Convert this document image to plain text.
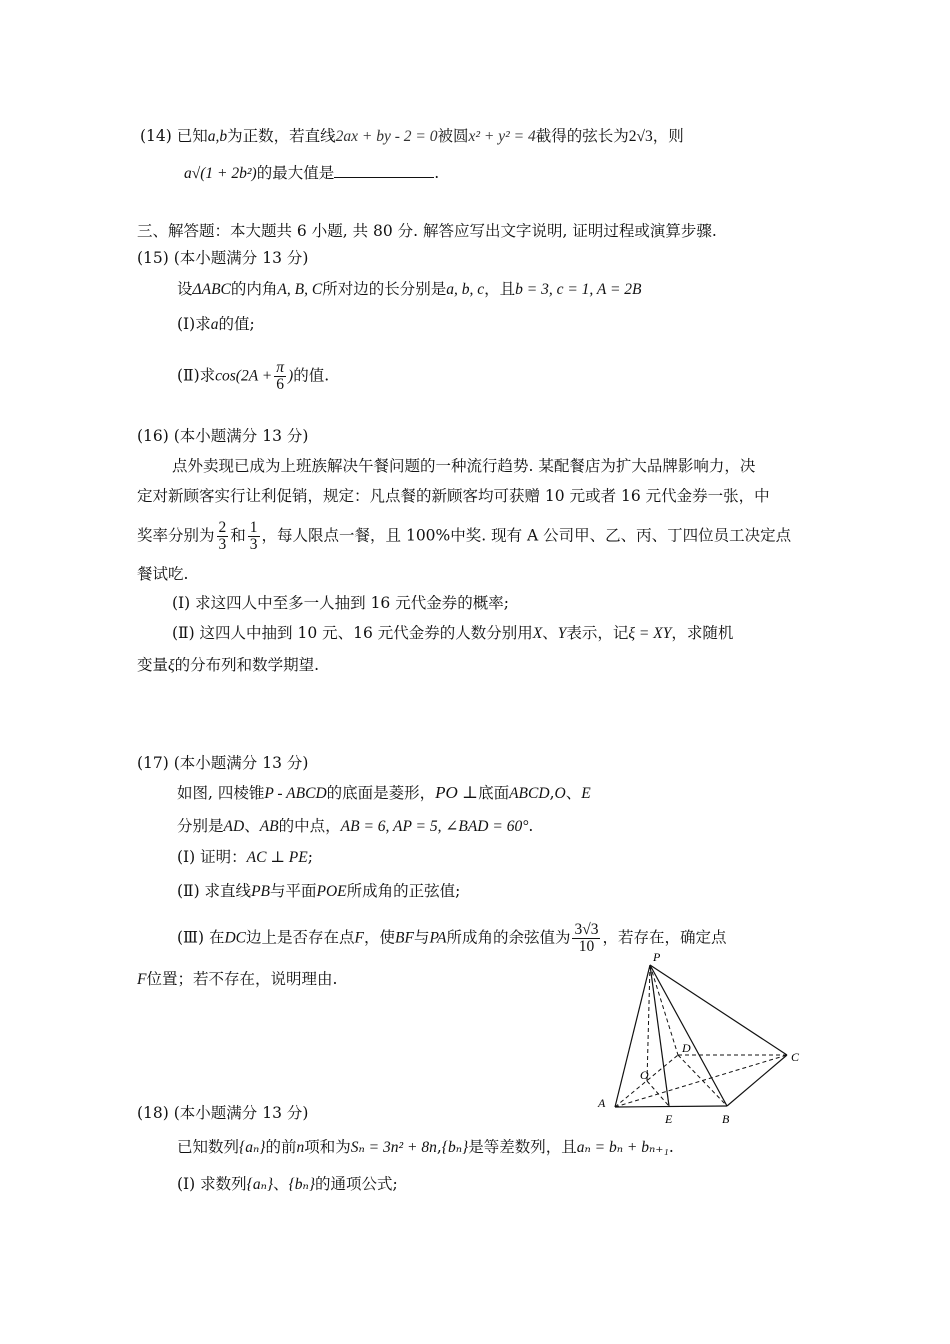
(14) 已知a,b为正数，若直线2ax + by - 2 = 0被圆x² + y² = 4截得的弦长为2√3，则
a√(1 + 2b²)的最大值是	.
三、解答题：本大题共 6 小题, 共 80 分. 解答应写出文字说明, 证明过程或演算步骤.
(15) (本小题满分 13 分)
设ΔABC的内角A, B, C所对边的长分别是a, b, c，且b = 3, c = 1, A = 2B
(Ⅰ)求a的值;
(Ⅱ)求$\cos(2A + \frac{\pi}{6}$ )的值.
(16) (本小题满分 13 分)
点外卖现已成为上班族解决午餐问题的一种流行趋势. 某配餐店为扩大品牌影响力，决
定对新顾客实行让利促销，规定：凡点餐的新顾客均可获赠 10 元或者 16 元代金券一张，中
奖率分别为 $\frac{2}{3}$ 和 $\frac{1}{3}$ ，每人限点一餐，且 100%中奖. 现有 A 公司甲、乙、丙、丁四位员工决定点
餐试吃.
(Ⅰ) 求这四人中至多一人抽到 16 元代金券的概率;
(Ⅱ) 这四人中抽到 10 元、16 元代金券的人数分别用X、Y表示，记ξ = XY，求随机
变量ξ的分布列和数学期望.
(17) (本小题满分 13 分)
如图, 四棱锥P - ABCD的底面是菱形，PO ⊥底面ABCD,O、E
分别是AD、AB的中点，AB = 6, AP = 5, ∠BAD = 60°.
(Ⅰ) 证明：AC ⊥ PE;
(Ⅱ) 求直线PB与平面POE所成角的正弦值;
(Ⅲ) 在DC边上是否存在点F，使BF与PA所成角的余弦值为 $\frac{3√3}{10}$ ，若存在，确定点
F位置；若不存在，说明理由.
P
A
B
C
D
E
O
(18) (本小题满分 13 分)
已知数列{aₙ}的前n项和为Sₙ = 3n² + 8n,{bₙ}是等差数列，且aₙ = bₙ + bₙ₊₁.
(Ⅰ) 求数列{aₙ}、{bₙ}的通项公式;
